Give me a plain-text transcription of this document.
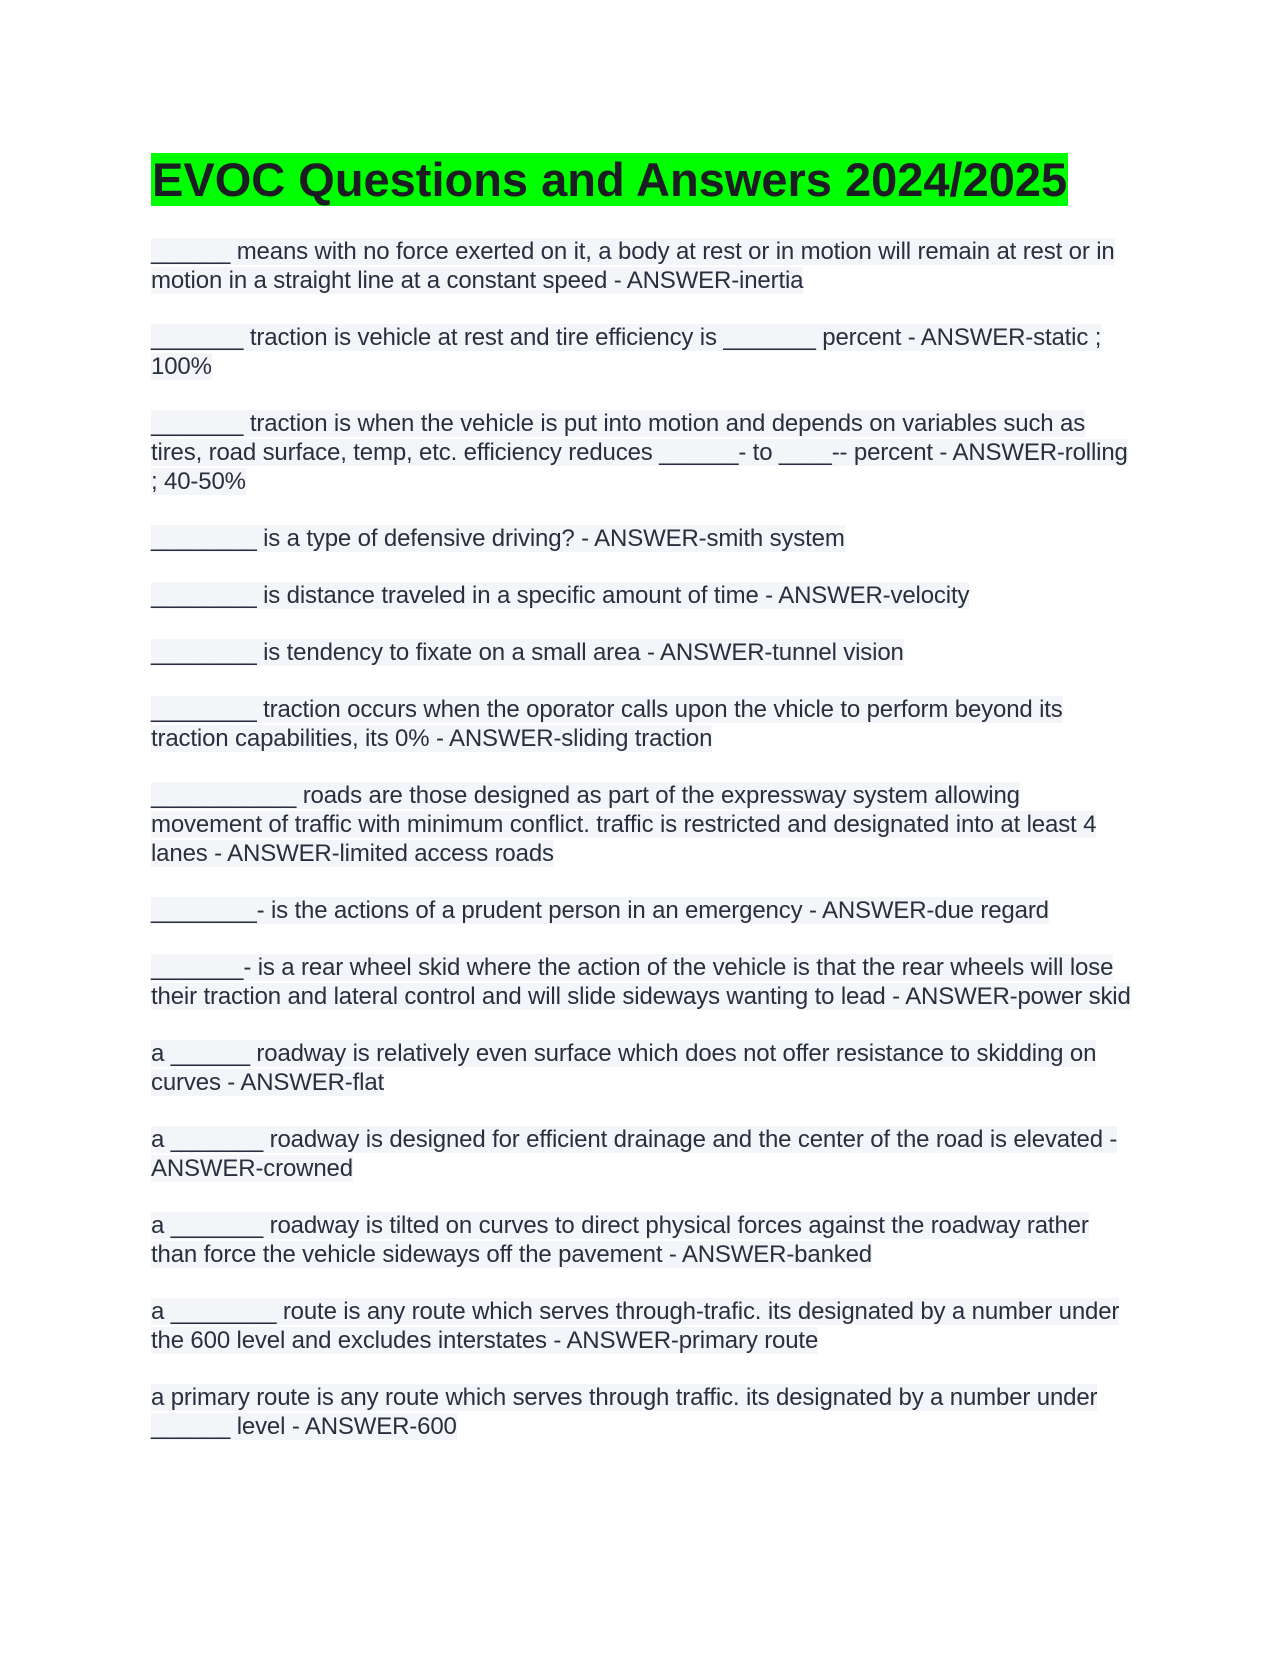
EVOC Questions and Answers 2024/2025

______ means with no force exerted on it, a body at rest or in motion will remain at rest or in motion in a straight line at a constant speed - ANSWER-inertia

_______ traction is vehicle at rest and tire efficiency is _______ percent - ANSWER-static ; 100%

_______ traction is when the vehicle is put into motion and depends on variables such as tires, road surface, temp, etc. efficiency reduces ______- to ____-- percent - ANSWER-rolling ; 40-50%

________ is a type of defensive driving? - ANSWER-smith system

________ is distance traveled in a specific amount of time - ANSWER-velocity

________ is tendency to fixate on a small area - ANSWER-tunnel vision

________ traction occurs when the oporator calls upon the vhicle to perform beyond its traction capabilities, its 0% - ANSWER-sliding traction

___________ roads are those designed as part of the expressway system allowing movement of traffic with minimum conflict. traffic is restricted and designated into at least 4 lanes - ANSWER-limited access roads

________- is the actions of a prudent person in an emergency - ANSWER-due regard

_______- is a rear wheel skid where the action of the vehicle is that the rear wheels will lose their traction and lateral control and will slide sideways wanting to lead - ANSWER-power skid

a ______ roadway is relatively even surface which does not offer resistance to skidding on curves - ANSWER-flat

a _______ roadway is designed for efficient drainage and the center of the road is elevated - ANSWER-crowned

a _______ roadway is tilted on curves to direct physical forces against the roadway rather than force the vehicle sideways off the pavement - ANSWER-banked

a ________ route is any route which serves through-trafic. its designated by a number under the 600 level and excludes interstates - ANSWER-primary route

a primary route is any route which serves through traffic. its designated by a number under ______ level - ANSWER-600
